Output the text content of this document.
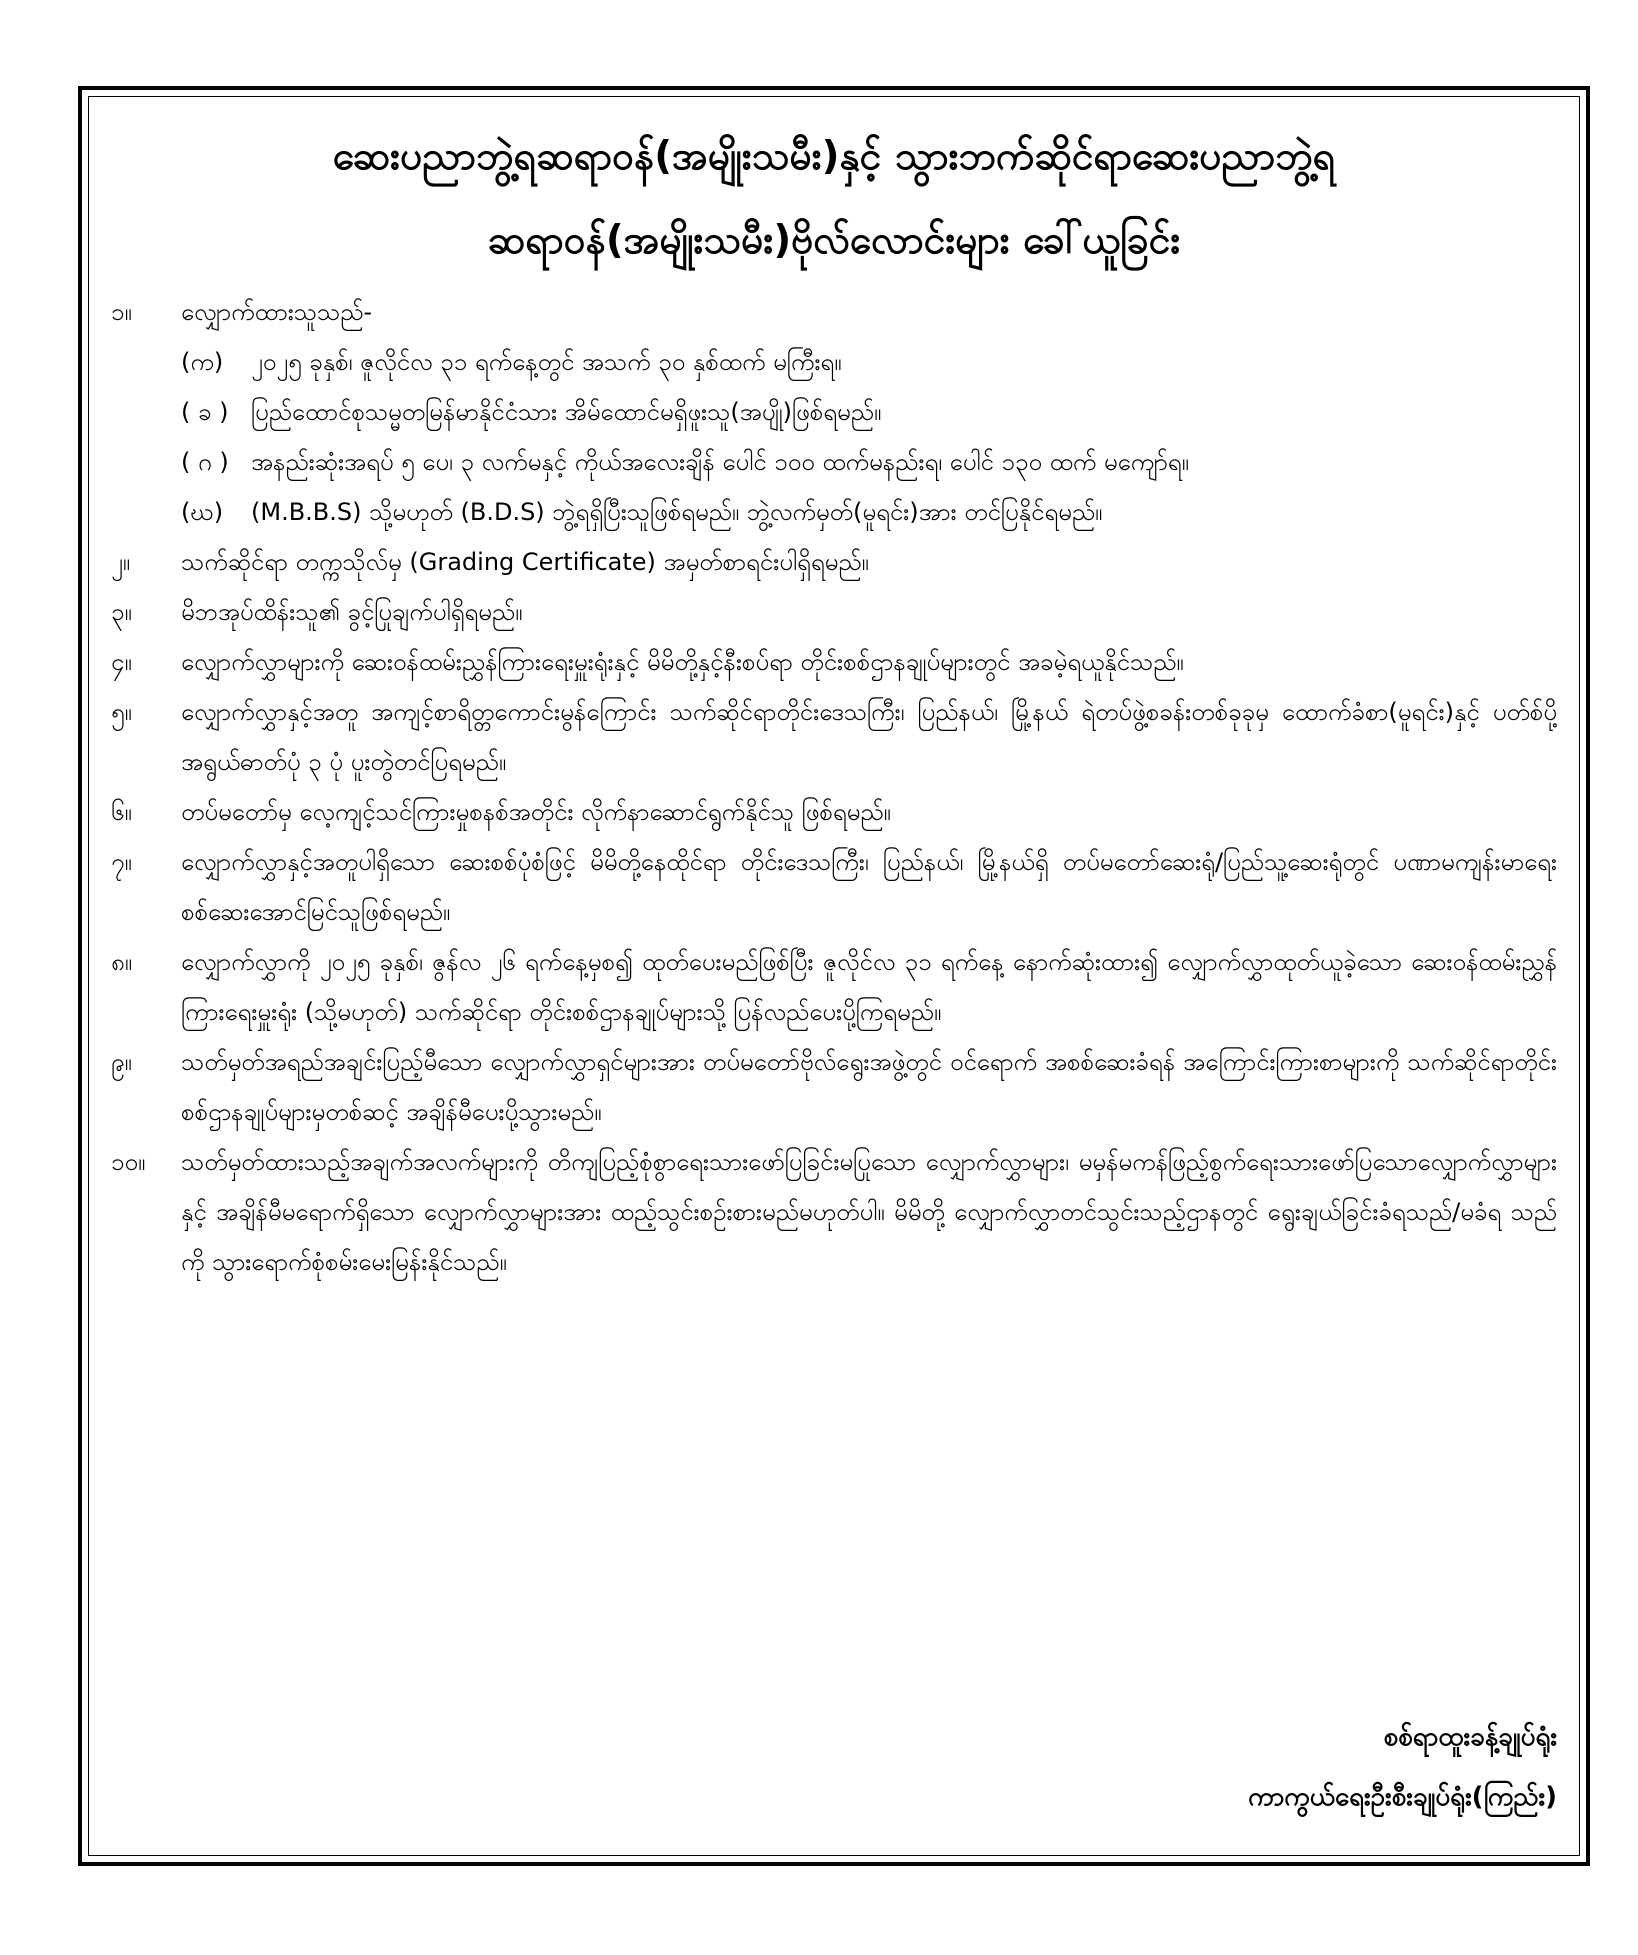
ဆေးပညာဘွဲ့ရဆရာဝန်(အမျိုးသမီး)နှင့် သွားဘက်ဆိုင်ရာဆေးပညာဘွဲ့ရ
ဆရာဝန်(အမျိုးသမီး)ဗိုလ်လောင်းများ ခေါ်ယူခြင်း
၁။	လျှောက်ထားသူသည်-
(က)	၂၀၂၅ ခုနှစ်၊ ဇူလိုင်လ ၃၁ ရက်နေ့တွင် အသက် ၃၀ နှစ်ထက် မကြီးရ။
( ခ ) ပြည်ထောင်စုသမ္မတမြန်မာနိုင်ငံသား အိမ်ထောင်မရှိဖူးသူ(အပျို)ဖြစ်ရမည်။
( ဂ ) အနည်းဆုံးအရပ် ၅ ပေ၊ ၃ လက်မနှင့် ကိုယ်အလေးချိန် ပေါင် ၁၀၀ ထက်မနည်းရ၊ ပေါင် ၁၃၀ ထက် မကျော်ရ။
(ဃ)	(M.B.B.S) သို့မဟုတ် (B.D.S) ဘွဲ့ရရှိပြီးသူဖြစ်ရမည်။ ဘွဲ့လက်မှတ်(မူရင်း)အား တင်ပြနိုင်ရမည်။
၂။	သက်ဆိုင်ရာ တက္ကသိုလ်မှ (Grading Certificate) အမှတ်စာရင်းပါရှိရမည်။
၃။	မိဘအုပ်ထိန်းသူ၏ ခွင့်ပြုချက်ပါရှိရမည်။
၄။	လျှောက်လွှာများကို ဆေးဝန်ထမ်းညွှန်ကြားရေးမှူးရုံးနှင့် မိမိတို့နှင့်နီးစပ်ရာ တိုင်းစစ်ဌာနချုပ်များတွင် အခမဲ့ရယူနိုင်သည်။
၅။	လျှောက်လွှာနှင့်အတူ အကျင့်စာရိတ္တကောင်းမွန်ကြောင်း သက်ဆိုင်ရာတိုင်းဒေသကြီး၊ ပြည်နယ်၊ မြို့နယ် ရဲတပ်ဖွဲ့စခန်းတစ်ခုခုမှ ထောက်ခံစာ(မူရင်း)နှင့် ပတ်စ်ပို့အရွယ်ဓာတ်ပုံ ၃ ပုံ ပူးတွဲတင်ပြရမည်။
၆။	တပ်မတော်မှ လေ့ကျင့်သင်ကြားမှုစနစ်အတိုင်း လိုက်နာဆောင်ရွက်နိုင်သူ ဖြစ်ရမည်။
၇။	လျှောက်လွှာနှင့်အတူပါရှိသော ဆေးစစ်ပုံစံဖြင့် မိမိတို့နေထိုင်ရာ တိုင်းဒေသကြီး၊ ပြည်နယ်၊ မြို့နယ်ရှိ တပ်မတော်ဆေးရုံ/ပြည်သူ့ဆေးရုံတွင် ပဏာမကျန်းမာရေး စစ်ဆေးအောင်မြင်သူဖြစ်ရမည်။
၈။	လျှောက်လွှာကို ၂၀၂၅ ခုနှစ်၊ ဇွန်လ ၂၆ ရက်နေ့မှစ၍ ထုတ်ပေးမည်ဖြစ်ပြီး ဇူလိုင်လ ၃၁ ရက်နေ့ နောက်ဆုံးထား၍ လျှောက်လွှာထုတ်ယူခဲ့သော ဆေးဝန်ထမ်းညွှန်ကြားရေးမှူးရုံး (သို့မဟုတ်) သက်ဆိုင်ရာ တိုင်းစစ်ဌာနချုပ်များသို့ ပြန်လည်ပေးပို့ကြရမည်။
၉။	သတ်မှတ်အရည်အချင်းပြည့်မီသော လျှောက်လွှာရှင်များအား တပ်မတော်ဗိုလ်ရွေးအဖွဲ့တွင် ဝင်ရောက် အစစ်ဆေးခံရန် အကြောင်းကြားစာများကို သက်ဆိုင်ရာတိုင်းစစ်ဌာနချုပ်များမှတစ်ဆင့် အချိန်မီပေးပို့သွားမည်။
၁၀။	သတ်မှတ်ထားသည့်အချက်အလက်များကို တိကျပြည့်စုံစွာရေးသားဖော်ပြခြင်းမပြုသော လျှောက်လွှာများ၊ မမှန်မကန်ဖြည့်စွက်ရေးသားဖော်ပြသောလျှောက်လွှာများနှင့် အချိန်မီမရောက်ရှိသော လျှောက်လွှာများအား ထည့်သွင်းစဉ်းစားမည်မဟုတ်ပါ။ မိမိတို့ လျှောက်လွှာတင်သွင်းသည့်ဌာနတွင် ရွေးချယ်ခြင်းခံရသည်/မခံရ သည်ကို သွားရောက်စုံစမ်းမေးမြန်းနိုင်သည်။
စစ်ရာထူးခန့်ချုပ်ရုံး
ကာကွယ်ရေးဦးစီးချုပ်ရုံး(ကြည်း)
